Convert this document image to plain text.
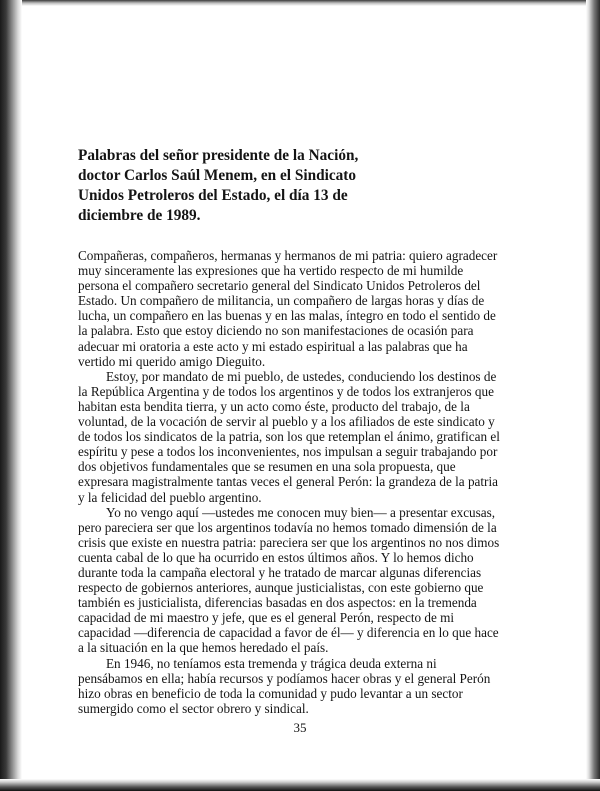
Palabras del señor presidente de la Nación, doctor Carlos Saúl Menem, en el Sindicato Unidos Petroleros del Estado, el día 13 de diciembre de 1989.

Compañeras, compañeros, hermanas y hermanos de mi patria: quiero agradecer muy sinceramente las expresiones que ha vertido respecto de mi humilde persona el compañero secretario general del Sindicato Unidos Petroleros del Estado. Un compañero de militancia, un compañero de largas horas y días de lucha, un compañero en las buenas y en las malas, íntegro en todo el sentido de la palabra. Esto que estoy diciendo no son manifestaciones de ocasión para adecuar mi oratoria a este acto y mi estado espiritual a las palabras que ha vertido mi querido amigo Dieguito.

Estoy, por mandato de mi pueblo, de ustedes, conduciendo los destinos de la República Argentina y de todos los argentinos y de todos los extranjeros que habitan esta bendita tierra, y un acto como éste, producto del trabajo, de la voluntad, de la vocación de servir al pueblo y a los afiliados de este sindicato y de todos los sindicatos de la patria, son los que retemplan el ánimo, gratifican el espíritu y pese a todos los inconvenientes, nos impulsan a seguir trabajando por dos objetivos fundamentales que se resumen en una sola propuesta, que expresara magistralmente tantas veces el general Perón: la grandeza de la patria y la felicidad del pueblo argentino.

Yo no vengo aquí —ustedes me conocen muy bien— a presentar excusas, pero pareciera ser que los argentinos todavía no hemos tomado dimensión de la crisis que existe en nuestra patria: pareciera ser que los argentinos no nos dimos cuenta cabal de lo que ha ocurrido en estos últimos años. Y lo hemos dicho durante toda la campaña electoral y he tratado de marcar algunas diferencias respecto de gobiernos anteriores, aunque justicialistas, con este gobierno que también es justicialista, diferencias basadas en dos aspectos: en la tremenda capacidad de mi maestro y jefe, que es el general Perón, respecto de mi capacidad —diferencia de capacidad a favor de él— y diferencia en lo que hace a la situación en la que hemos heredado el país.

En 1946, no teníamos esta tremenda y trágica deuda externa ni pensábamos en ella; había recursos y podíamos hacer obras y el general Perón hizo obras en beneficio de toda la comunidad y pudo levantar a un sector sumergido como el sector obrero y sindical.

35
